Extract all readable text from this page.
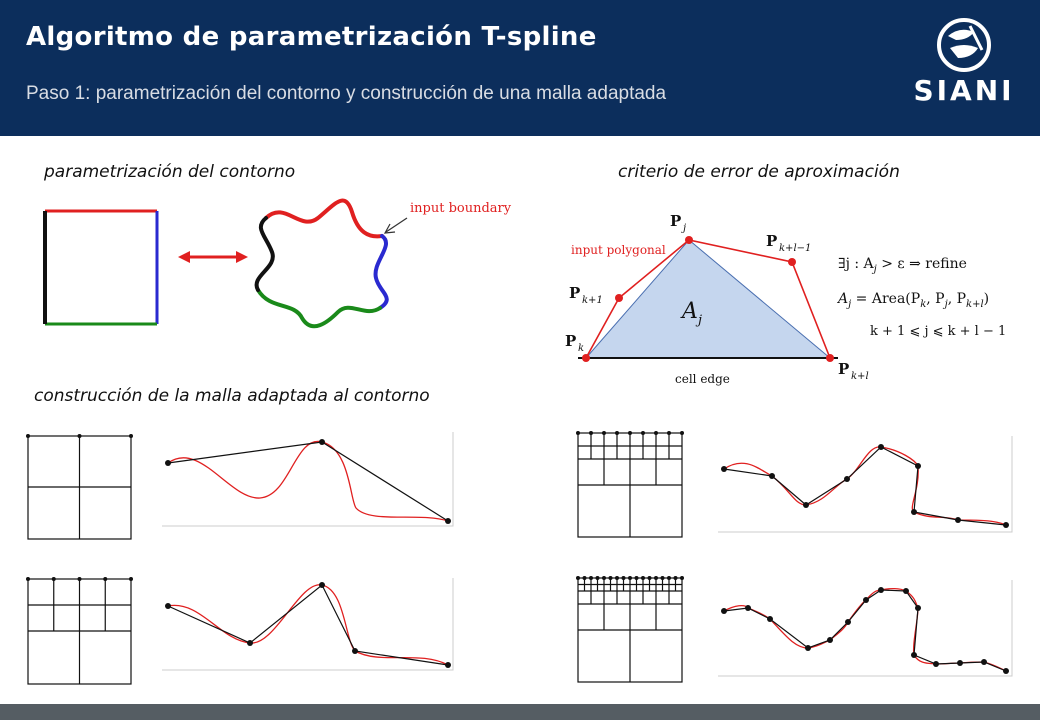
Algoritmo de parametrización T-spline
Paso 1: parametrización del contorno y construcción de una malla adaptada	SIANI
parametrización del contorno	criterio de error de aproximación
construcción de la malla adaptada al contorno
input boundary
input polygonal
cell edge
P j
P k+l−1
P k+1
P k
P k+l
A j
∃j : $A_j > \varepsilon$ ⇒ refine
$A_j$ = $Area(P_k$, $P_j$, $P_{k+l}$)
k + 1 ⩽ j ⩽ k + l − 1
